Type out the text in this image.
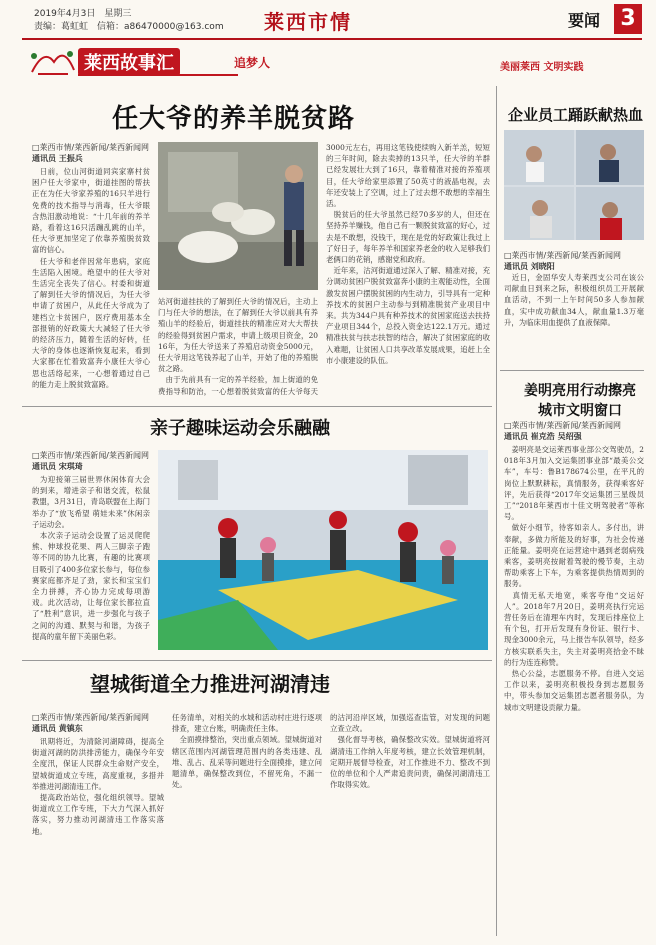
2019年4月3日　星期三
责编：葛虹虹　信箱：a86470000@163.com 莱西市情	要闻 3
莱西故事汇	追梦人	美丽莱西 文明实践
任大爷的养羊脱贫路
□莱西市情/莱西新闻/莱西新闻网
通讯员 王振兵
　日前，位山河街道同宾家寨村贫困户任大爷家中，街道挂图的帮扶正在为任大爷家养殖的16只羊进行免费的技术指导与消毒，任大爷眼含热泪激动地说：“十几年前的养羊路，看着这16只活蹦乱跳的山羊，任大爷更加坚定了依靠养殖脱贫致富的信心。
　任大爷和老伴因常年患病，家庭生活陷入困境。绝望中的任大爷对生活完全丧失了信心。村委和街道了解到任大爷的情况后，为任大爷申请了贫困户，从此任大爷成为了建档立卡贫困户，医疗费用基本全部报销的好政策大大减轻了任大爷的经济压力，随着生活的好转，任大爷的身体也逐渐恢复起来，看到大家都在忙着致富奔小康任大爷心思也活络起来，一心想着通过自己的能力走上脱贫致富路。
站河街道挂扶的了解到任大爷的情况后，主动上门与任大爷的想法，在了解到任大爷以前具有养殖山羊的经验后，街道挂扶的精准应对大大帮扶的经验得到贫困户需求，申请上级项目资金，2016年，为任大爷送来了养殖启动资金5000元，任大爷用这笔钱养起了山羊，开始了他的养殖脱贫之路。
　由于先前具有一定的养羊经验，加上街道的免费指导和防治，一心想着脱贫致富的任大爷每天
3000元左右，再用这笔钱使续购入新羊羔，短短的三年时间，除去卖掉的13只羊，任大爷的羊群已经发展壮大到了16只，靠着精准对接的养殖项目，任大爷给家里添置了50英寸的液晶电视，去年还安装上了空调，过上了过去想不敢想的幸福生活。
　脱贫后的任大爷虽然已经70多岁的人，但还在坚持养羊赚钱，他自己有一颗脱贫致富的好心，过去是不敢想，没钱干，现在是党的好政策让我过上了好日子，每年养羊和国家养老金的收入足够我们老俩口的花销，感谢党和政府。
　近年来，沽河街道通过深入了解、精准对接，充分调动贫困户脱贫致富奔小康的主观能动性，全面激发贫困户摆脱贫困的内生动力，引导具有一定种养技术的贫困户主动参与到精准脱贫产业项目中来。共为344户具有种养技术的贫困家庭送去扶持产业项目344个，总投入资金达122.1万元。通过精准扶贫与扶志扶智的结合，解决了贫困家庭的收入难题，让贫困人口共享改革发展成果，追赶上全市小康建设的队伍。
企业员工踊跃献热血
□莱西市情/莱西新闻/莱西新闻网
通讯员 刘晓阳
　近日，金固华安人寿莱西支公司在该公司献血日到来之际，积极组织员工开展献血活动，不到一上午时间50多人参加献血，实中成功献血34人，献血量1.3万毫升，为临床用血提供了血液保障。
姜明亮用行动擦亮
城市文明窗口
□莱西市情/莱西新闻/莱西新闻网
通讯员 崔克浩 吴绍强
　姜明亮是交运莱西事业部公交驾驶员，2018年3月加入交运集团事业部“最美公交车”，车号：鲁B178674公里，在平凡的岗位上默默耕耘，真情服务，获得乘客好评，先后获得“2017年交运集团三星级员工”“2018年莱西市十佳文明驾驶者”等称号。
　做好小细节，待客如亲人。多付出，讲奉献，多做力所能及的好事，为社会传递正能量。姜明亮在运营途中遇到老弱病残乘客，姜明亮按耐着驾驶的慢节奏，主动帮助乘客上下车，为乘客提供热情周到的服务。
　真情无私天地宽，乘客夸他“交运好人”。2018年7月20日，姜明亮执行完运营任务后在清理车内时，发现后排座位上有个包，打开后发现有身份证、银行卡、现金3000余元，马上报告车队领导，经多方核实联系失主，失主对姜明亮拾金不昧的行为连连称赞。
　热心公益，志愿服务不停。自进入交运工作以来，姜明亮积极投身到志愿服务中，带头参加交运集团志愿者服务队，为城市文明建设贡献力量。
亲子趣味运动会乐融融
□莱西市情/莱西新闻/莱西新闻网
通讯员 宋琪琦
　为迎接第三届世界休闲体育大会的到来，增进亲子和谐交流，松鼠教盟，3月31日，青岛联盟在上海门举办了“放飞希望 萌娃未来”休闲亲子运动会。
　本次亲子运动会设置了运灵爬爬熊、伸球投花果、两人三脚亲子跑等不同的协九比赛，有趣的比赛项目吸引了400多位家长参与，每位参赛家庭都齐足了劲，家长和宝宝们全力拼搏，齐心协力完成每项游戏。此次活动，让每位家长都拉直了“胜利”意识，进一步强化与孩子之间的沟通、默契与和谐，为孩子提高的童年留下美丽色彩。
望城街道全力推进河湖清违
□莱西市情/莱西新闻/莱西新闻网
通讯员 黄镇东
　讯期将近，为清除河湖障碍，提高全街道河湖的防洪排涝能力，确保今年安全度汛，保证人民群众生命财产安全，望城街道成立专班，高度重视，多措并举推进河湖清违工作。
　提高政治站位，强化组织领导。望城街道成立工作专班，下大力气深入抓好落实，努力推动河湖清违工作落实落地。
任务清单，对相关的水城和活动村庄进行逐项排查，建立台账，明确责任主体。
　全面摸排整治，突出重点领域。望城街道对辖区范围内河湖管理范围内的各类违建、乱堆、乱占、乱采等问题进行全面摸排，建立问题清单，确保整改到位，不留死角，不漏一处。
的沽河沿岸区域，加强巡查监管，对发现的问题立查立改。
　强化督导考核，确保整改实效。望城街道将河湖清违工作纳入年度考核，建立长效管理机制，定期开展督导检查，对工作推进不力、整改不到位的单位和个人严肃追责问责，确保河湖清违工作取得实效。
